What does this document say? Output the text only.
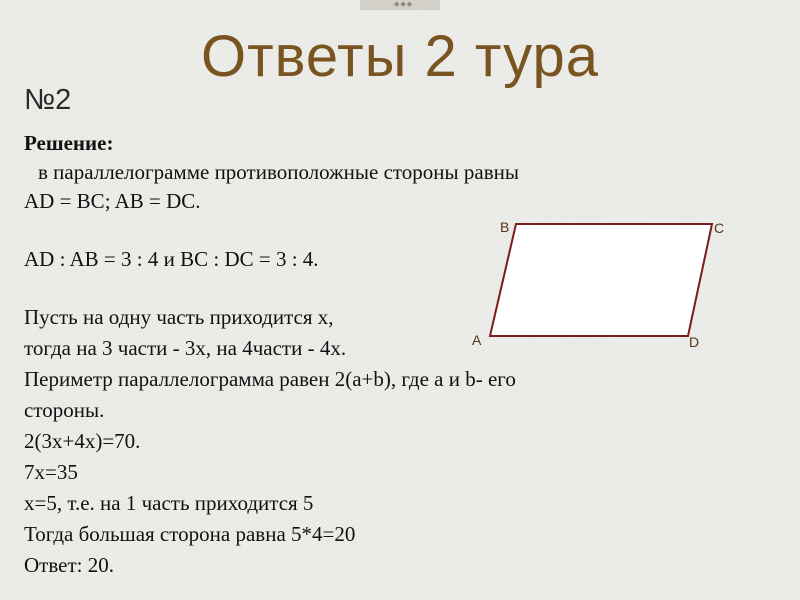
◆◆◆
Ответы 2 тура
№2
Решение:
в параллелограмме противоположные стороны равны
AD = BC; AB = DC.
AD : AB = 3 : 4 и BC : DC = 3 : 4.
Пусть на одну часть приходится x,
тогда на 3 части - 3x, на 4части - 4x.
Периметр параллелограмма равен 2(a+b), где a и b- его
стороны.
2(3x+4x)=70.
7x=35
x=5, т.е. на 1 часть приходится 5
Тогда большая сторона равна 5*4=20
Ответ: 20.
B	C
A	D
